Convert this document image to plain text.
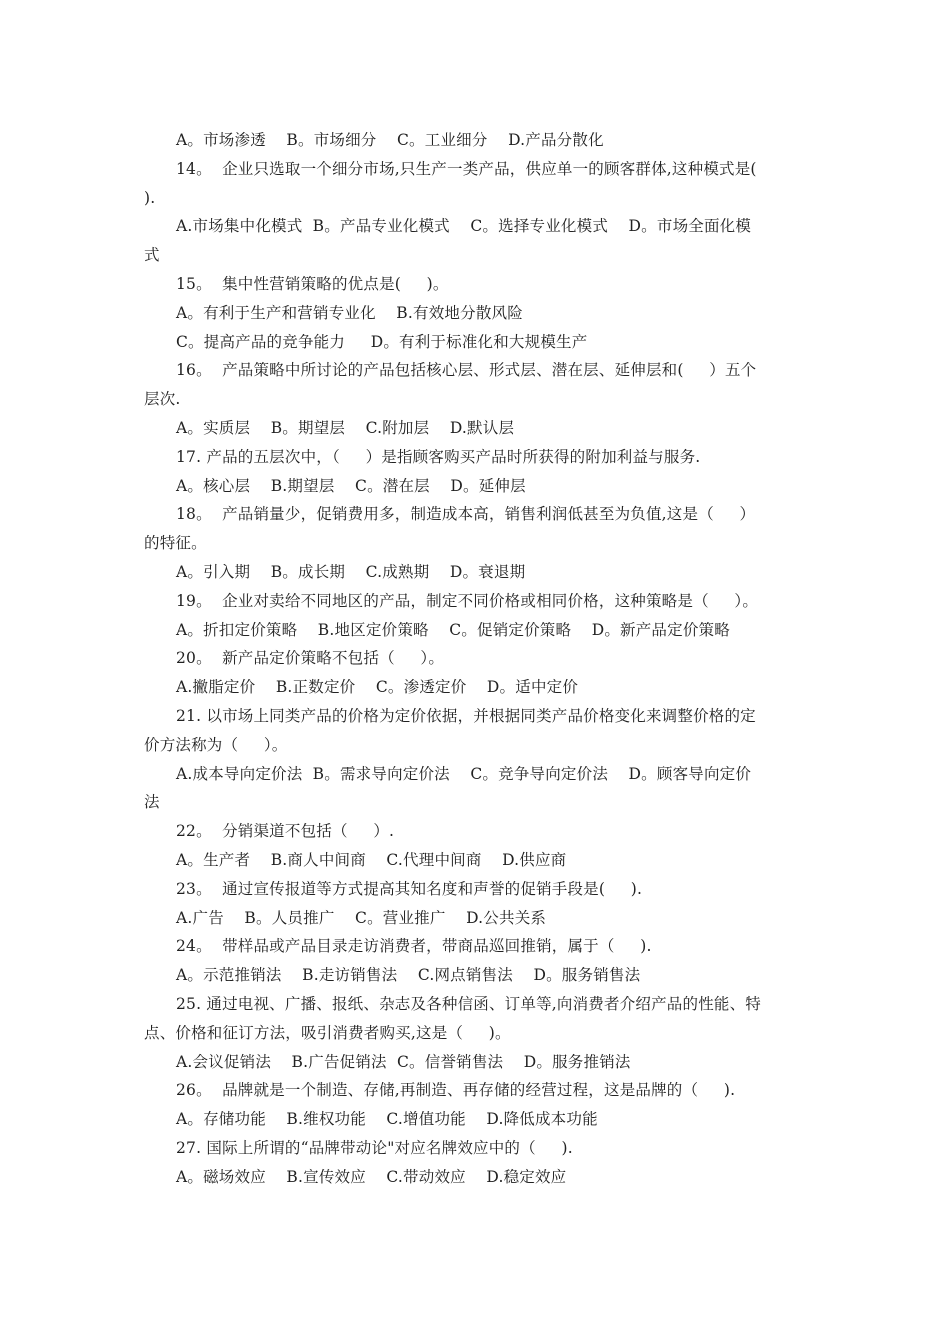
A。市场渗透    B。市场细分    C。工业细分    D.产品分散化
14。  企业只选取一个细分市场,只生产一类产品，供应单一的顾客群体,这种模式是(
).
A.市场集中化模式  B。产品专业化模式    C。选择专业化模式    D。市场全面化模
式
15。  集中性营销策略的优点是(     )。
A。有利于生产和营销专业化    B.有效地分散风险
C。提高产品的竞争能力     D。有利于标准化和大规模生产
16。  产品策略中所讨论的产品包括核心层、形式层、潜在层、延伸层和(     ）五个
层次.
A。实质层    B。期望层    C.附加层    D.默认层
17. 产品的五层次中，（     ）是指顾客购买产品时所获得的附加利益与服务.
A。核心层    B.期望层    C。潜在层    D。延伸层
18。  产品销量少，促销费用多，制造成本高，销售利润低甚至为负值,这是（     ）
的特征。
A。引入期    B。成长期    C.成熟期    D。衰退期
19。  企业对卖给不同地区的产品，制定不同价格或相同价格，这种策略是（     ）。
A。折扣定价策略    B.地区定价策略    C。促销定价策略    D。新产品定价策略
20。  新产品定价策略不包括（     ）。
A.撇脂定价    B.正数定价    C。渗透定价    D。适中定价
21. 以市场上同类产品的价格为定价依据，并根据同类产品价格变化来调整价格的定
价方法称为（     ）。
A.成本导向定价法  B。需求导向定价法    C。竞争导向定价法    D。顾客导向定价
法
22。  分销渠道不包括（     ）.
A。生产者    B.商人中间商    C.代理中间商    D.供应商
23。  通过宣传报道等方式提高其知名度和声誉的促销手段是(     ).
A.广告    B。人员推广    C。营业推广    D.公共关系
24。  带样品或产品目录走访消费者，带商品巡回推销，属于（     ).
A。示范推销法    B.走访销售法    C.网点销售法    D。服务销售法
25. 通过电视、广播、报纸、杂志及各种信函、订单等,向消费者介绍产品的性能、特
点、价格和征订方法，吸引消费者购买,这是（     )。
A.会议促销法    B.广告促销法  C。信誉销售法    D。服务推销法
26。  品牌就是一个制造、存储,再制造、再存储的经营过程，这是品牌的（     ).
A。存储功能    B.维权功能    C.增值功能    D.降低成本功能
27. 国际上所谓的“品牌带动论"对应名牌效应中的（     ).
A。磁场效应    B.宣传效应    C.带动效应    D.稳定效应
